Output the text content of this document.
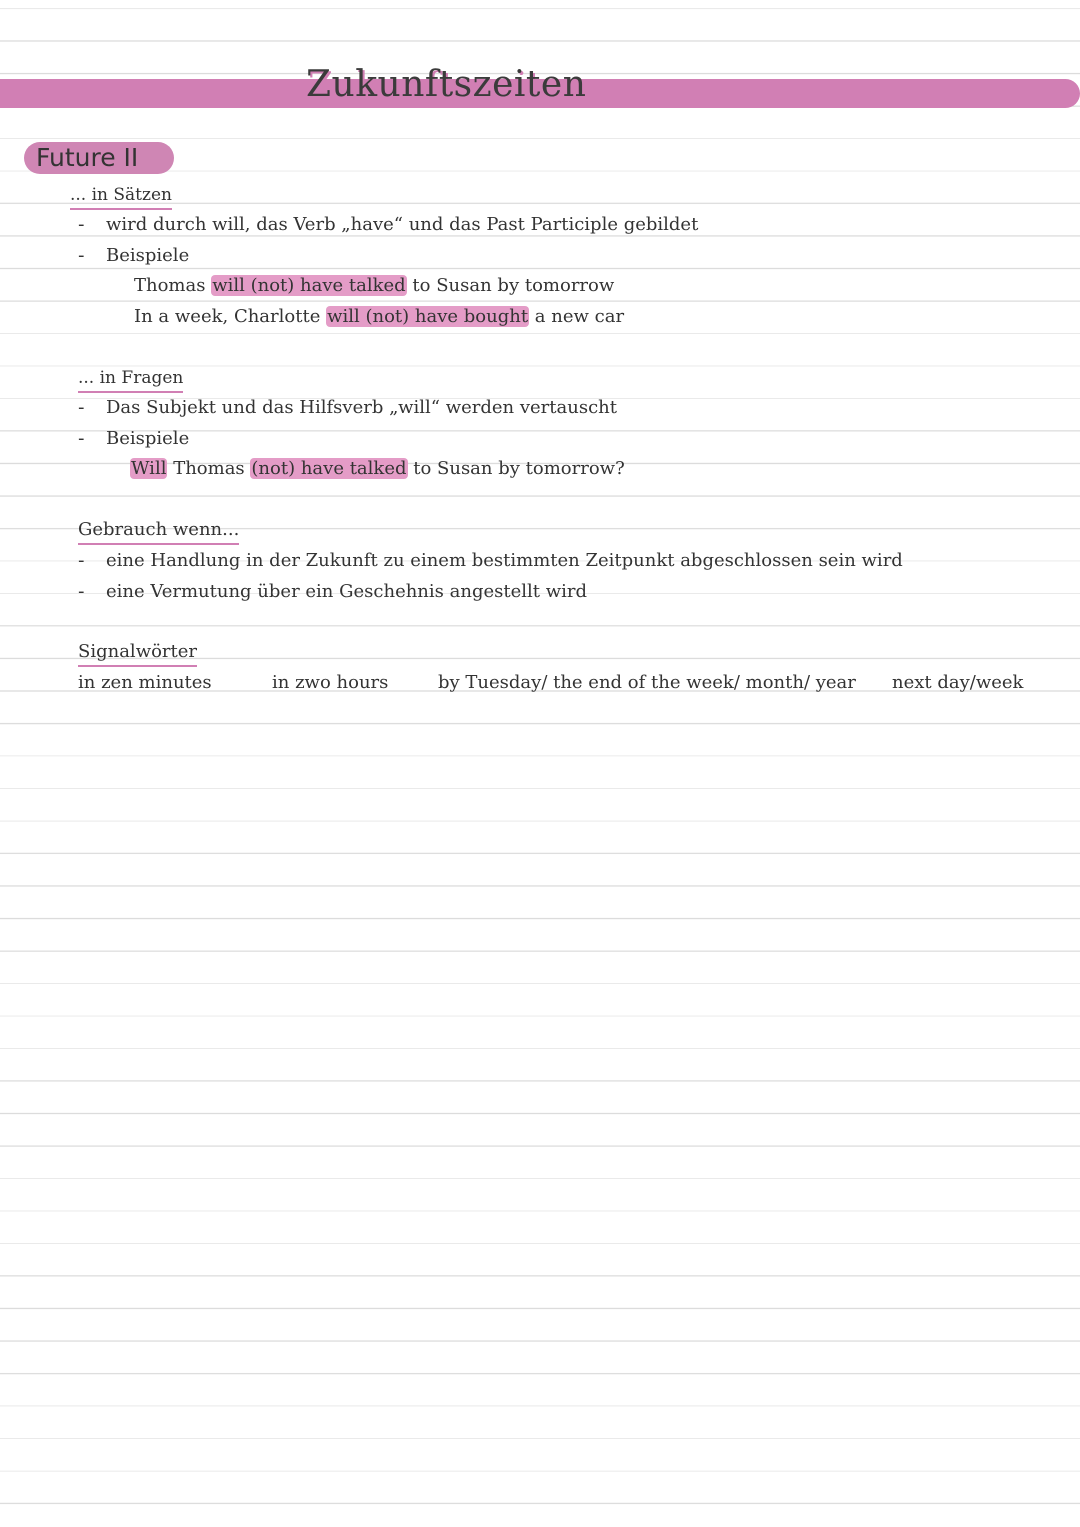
Zukunftszeiten
Future II
... in Sätzen
- wird durch will, das Verb „have“ und das Past Participle gebildet
- Beispiele
Thomas will (not) have talked to Susan by tomorrow
In a week, Charlotte will (not) have bought a new car
... in Fragen
- Das Subjekt und das Hilfsverb „will“ werden vertauscht
- Beispiele
Will Thomas (not) have talked to Susan by tomorrow?
Gebrauch wenn...
- eine Handlung in der Zukunft zu einem bestimmten Zeitpunkt abgeschlossen sein wird
- eine Vermutung über ein Geschehnis angestellt wird
Signalwörter
in zen minutes	in zwo hours	by Tuesday/ the end of the week/ month/ year next day/week
